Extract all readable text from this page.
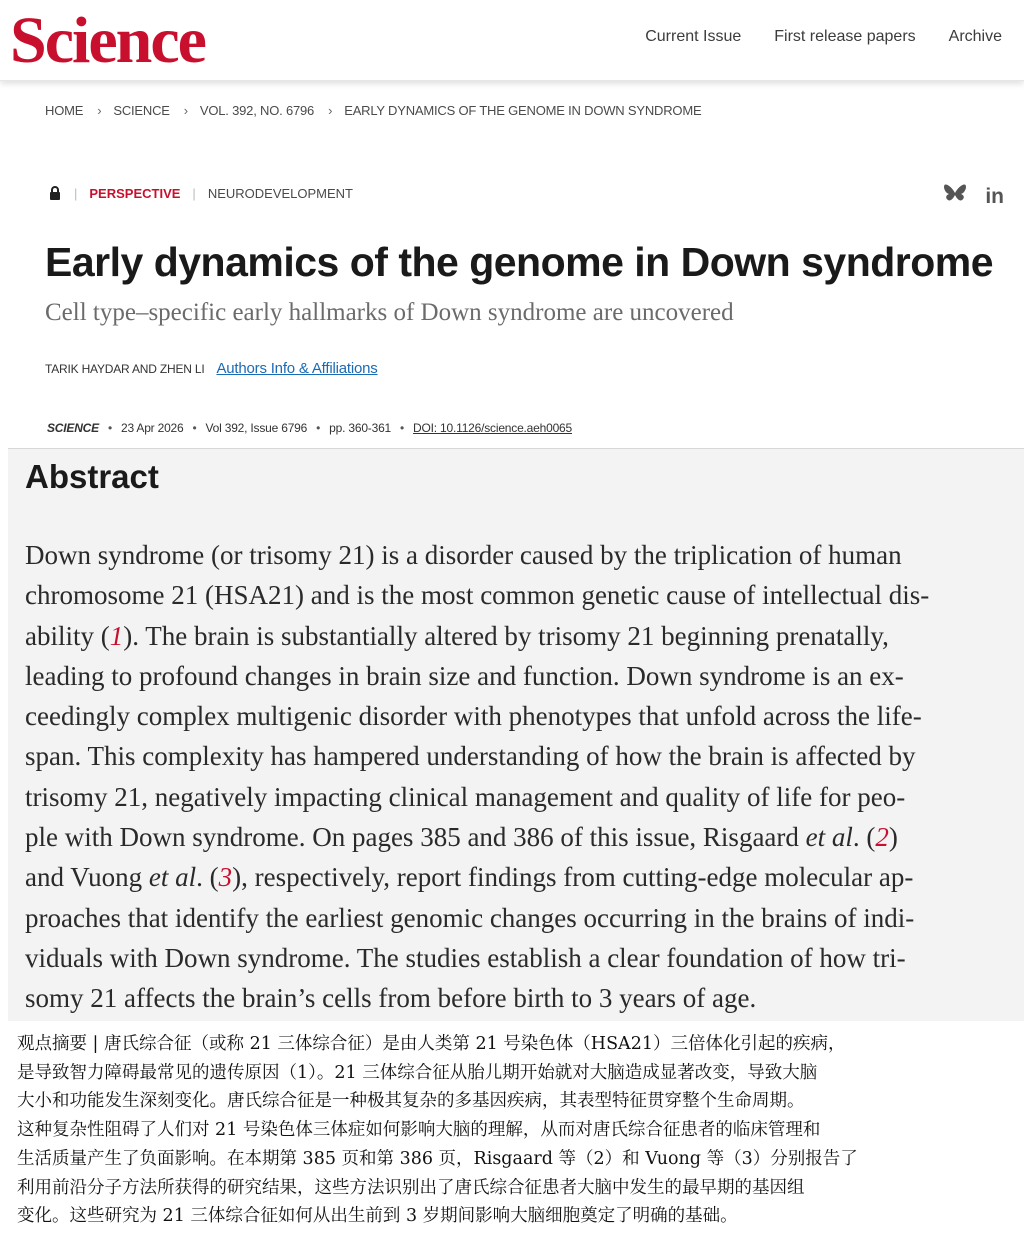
Science	Current Issue First release papers Archive
HOME › SCIENCE › VOL. 392, NO. 6796 › EARLY DYNAMICS OF THE GENOME IN DOWN SYNDROME
| PERSPECTIVE | NEURODEVELOPMENT	in
Early dynamics of the genome in Down syndrome
Cell type–specific early hallmarks of Down syndrome are uncovered
TARIK HAYDAR AND ZHEN LI Authors Info & Affiliations
SCIENCE • 23 Apr 2026 • Vol 392, Issue 6796 • pp. 360-361 • DOI: 10.1126/science.aeh0065
Abstract
Down syndrome (or trisomy 21) is a disorder caused by the triplication of human
chromosome 21 (HSA21) and is the most common genetic cause of intellectual dis-
ability (1). The brain is substantially altered by trisomy 21 beginning prenatally,
leading to profound changes in brain size and function. Down syndrome is an ex-
ceedingly complex multigenic disorder with phenotypes that unfold across the life-
span. This complexity has hampered understanding of how the brain is affected by
trisomy 21, negatively impacting clinical management and quality of life for peo-
ple with Down syndrome. On pages 385 and 386 of this issue, Risgaard et al. (2)
and Vuong et al. (3), respectively, report findings from cutting-edge molecular ap-
proaches that identify the earliest genomic changes occurring in the brains of indi-
viduals with Down syndrome. The studies establish a clear foundation of how tri-
somy 21 affects the brain’s cells from before birth to 3 years of age.
观点摘要 | 唐氏综合征（或称 21 三体综合征）是由人类第 21 号染色体（HSA21）三倍体化引起的疾病，
是导致智力障碍最常见的遗传原因（1）。21 三体综合征从胎儿期开始就对大脑造成显著改变，导致大脑
大小和功能发生深刻变化。唐氏综合征是一种极其复杂的多基因疾病，其表型特征贯穿整个生命周期。
这种复杂性阻碍了人们对 21 号染色体三体症如何影响大脑的理解，从而对唐氏综合征患者的临床管理和
生活质量产生了负面影响。在本期第 385 页和第 386 页，Risgaard 等（2）和 Vuong 等（3）分别报告了
利用前沿分子方法所获得的研究结果，这些方法识别出了唐氏综合征患者大脑中发生的最早期的基因组
变化。这些研究为 21 三体综合征如何从出生前到 3 岁期间影响大脑细胞奠定了明确的基础。
